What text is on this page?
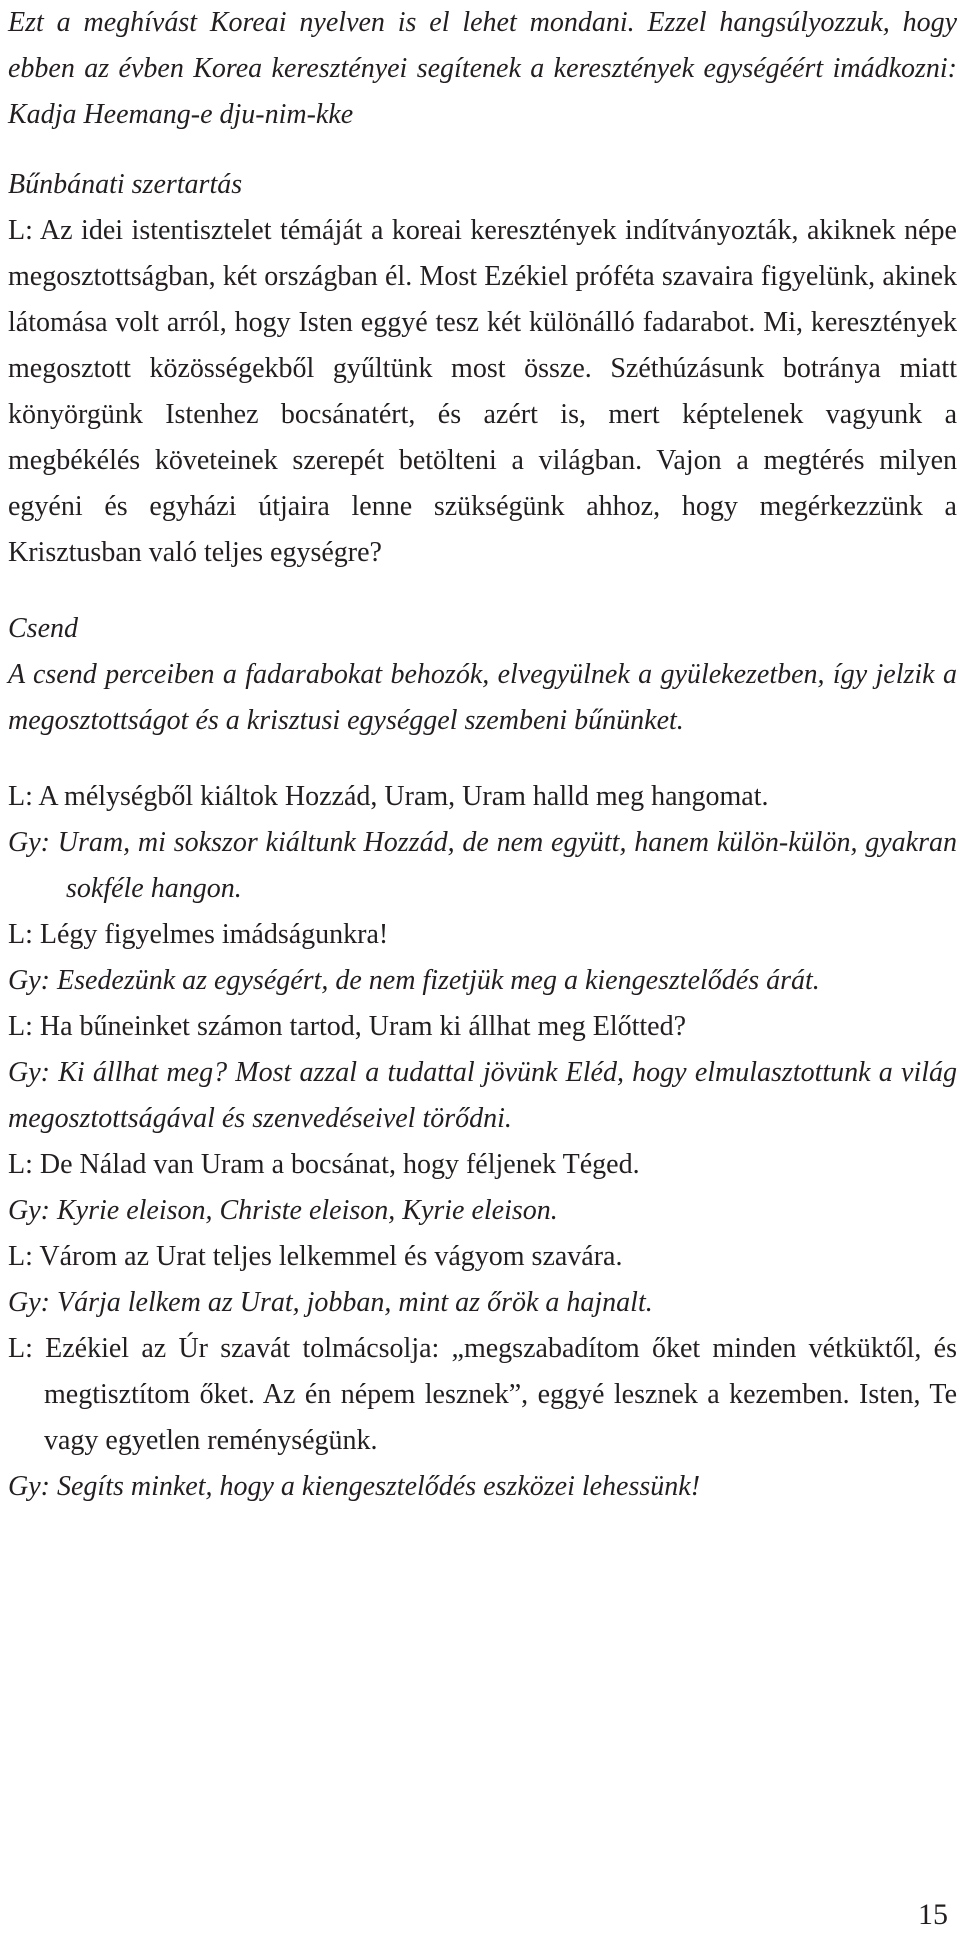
Ezt a meghívást Koreai nyelven is el lehet mondani. Ezzel hangsúlyozzuk, hogy ebben az évben Korea keresztényei segítenek a keresztények egységéért imádkozni: Kadja Heemang-e dju-nim-kke

Bűnbánati szertartás

L: Az idei istentisztelet témáját a koreai keresztények indítványozták, akiknek népe megosztottságban, két országban él. Most Ezékiel próféta szavaira figyelünk, akinek látomása volt arról, hogy Isten eggyé tesz két különálló fadarabot. Mi, keresztények megosztott közösségekből gyűltünk most össze. Széthúzásunk botránya miatt könyörgünk Istenhez bocsánatért, és azért is, mert képtelenek vagyunk a megbékélés követeinek szerepét betölteni a világban. Vajon a megtérés milyen egyéni és egyházi útjaira lenne szükségünk ahhoz, hogy megérkezzünk a Krisztusban való teljes egységre?

Csend

A csend perceiben a fadarabokat behozók, elvegyülnek a gyülekezetben, így jelzik a megosztottságot és a krisztusi egységgel szembeni bűnünket.

L: A mélységből kiáltok Hozzád, Uram, Uram halld meg hangomat.

Gy: Uram, mi sokszor kiáltunk Hozzád, de nem együtt, hanem külön-külön, gyakran sokféle hangon.

L: Légy figyelmes imádságunkra!

Gy: Esedezünk az egységért, de nem fizetjük meg a kiengesztelődés árát.

L: Ha bűneinket számon tartod, Uram ki állhat meg Előtted?

Gy: Ki állhat meg? Most azzal a tudattal jövünk Eléd, hogy elmulasztottunk a világ megosztottságával és szenvedéseivel törődni.

L: De Nálad van Uram a bocsánat, hogy féljenek Téged.

Gy: Kyrie eleison, Christe eleison, Kyrie eleison.

L: Várom az Urat teljes lelkemmel és vágyom szavára.

Gy: Várja lelkem az Urat, jobban, mint az őrök a hajnalt.

L: Ezékiel az Úr szavát tolmácsolja: „megszabadítom őket minden vétküktől, és megtisztítom őket. Az én népem lesznek”, eggyé lesznek a kezemben. Isten, Te vagy egyetlen reménységünk.

Gy: Segíts minket, hogy a kiengesztelődés eszközei lehessünk!

15
